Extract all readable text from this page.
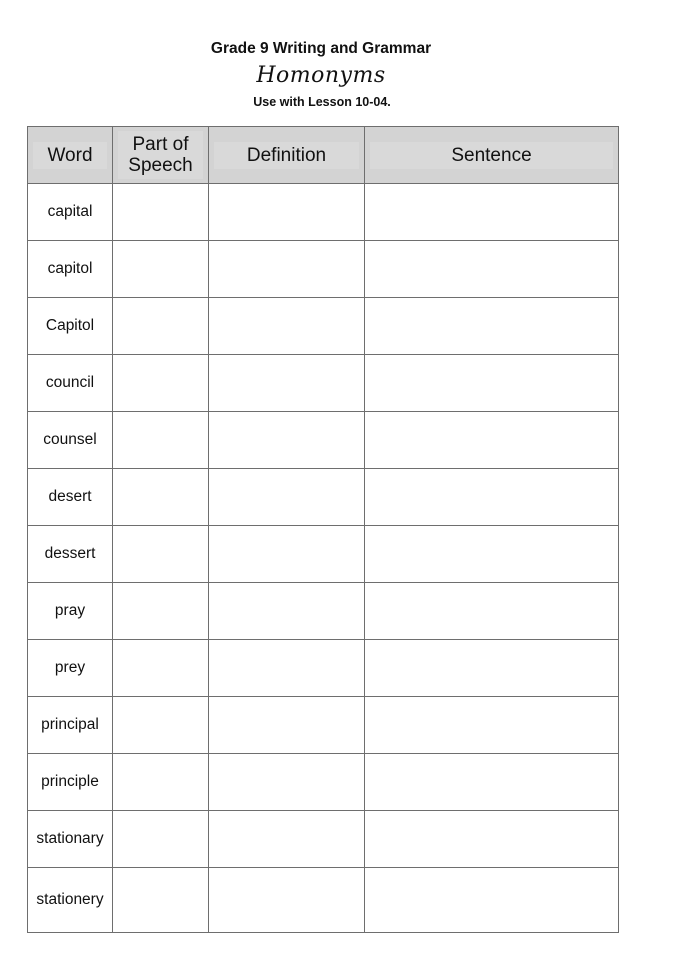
Grade 9 Writing and Grammar
Homonyms
Use with Lesson 10-04.
Word	Part of Speech	Definition	Sentence

capital			
capitol			
Capitol			
council			
counsel			
desert			
dessert			
pray			
prey			
principal			
principle			
stationary			
stationery			
